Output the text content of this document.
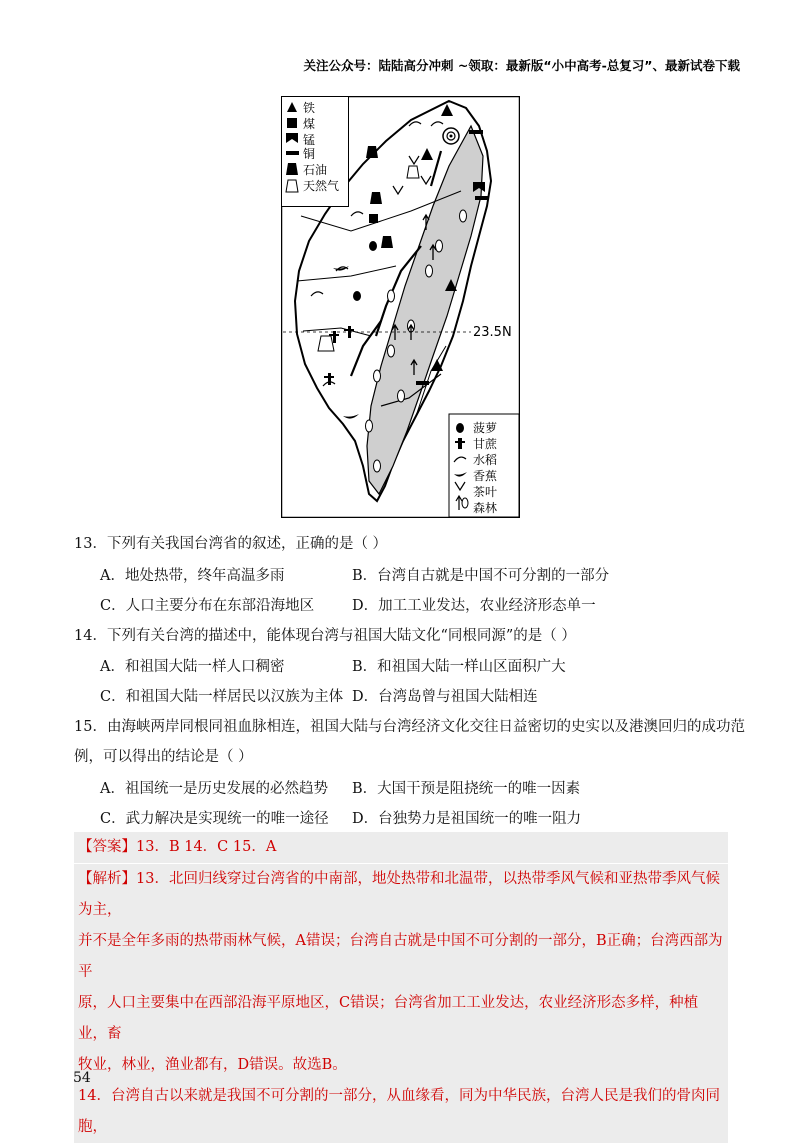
关注公众号：陆陆高分冲刺 ~领取：最新版“小中高考-总复习”、最新试卷下载
23.5N
铁
煤
锰
铜
石油
天然气
菠萝
甘蔗
水稻
香蕉
茶叶
森林
13．下列有关我国台湾省的叙述，正确的是（ ）
A．地处热带，终年高温多雨	B．台湾自古就是中国不可分割的一部分
C．人口主要分布在东部沿海地区	D．加工工业发达，农业经济形态单一
14．下列有关台湾的描述中，能体现台湾与祖国大陆文化“同根同源”的是（ ）
A．和祖国大陆一样人口稠密	B．和祖国大陆一样山区面积广大
C．和祖国大陆一样居民以汉族为主体 D．台湾岛曾与祖国大陆相连
15．由海峡两岸同根同祖血脉相连，祖国大陆与台湾经济文化交往日益密切的史实以及港澳回归的成功范
例，可以得出的结论是（ ）
A．祖国统一是历史发展的必然趋势 B．大国干预是阻挠统一的唯一因素
C．武力解决是实现统一的唯一途径 D．台独势力是祖国统一的唯一阻力
【答案】13．B 14．C 15．A
【解析】13．北回归线穿过台湾省的中南部，地处热带和北温带，以热带季风气候和亚热带季风气候为主，
并不是全年多雨的热带雨林气候，A错误；台湾自古就是中国不可分割的一部分，B正确；台湾西部为平
原，人口主要集中在西部沿海平原地区，C错误；台湾省加工工业发达，农业经济形态多样，种植业，畜
牧业，林业，渔业都有，D错误。故选B。
14．台湾自古以来就是我国不可分割的一部分，从血缘看，同为中华民族，台湾人民是我们的骨肉同胞，
54
